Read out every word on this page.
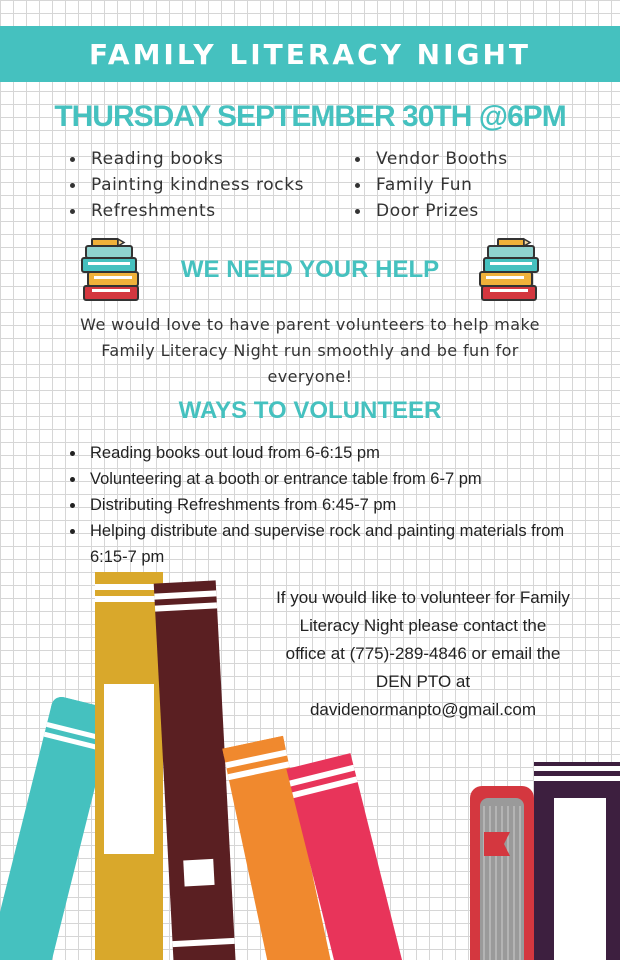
FAMILY LITERACY NIGHT
THURSDAY SEPTEMBER 30TH @6PM
Reading books
Painting kindness rocks
Refreshments
Vendor Booths
Family Fun
Door Prizes
WE NEED YOUR HELP
We would love to have parent volunteers to help make Family Literacy Night run smoothly and be fun for everyone!
WAYS TO VOLUNTEER
Reading books out loud from 6-6:15 pm
Volunteering at a booth or entrance table from 6-7 pm
Distributing Refreshments from 6:45-7 pm
Helping distribute and supervise rock and painting materials from 6:15-7 pm
If you would like to volunteer for Family
Literacy Night please contact the
office at (775)-289-4846 or email the
DEN PTO at
davidenormanpto@gmail.com
